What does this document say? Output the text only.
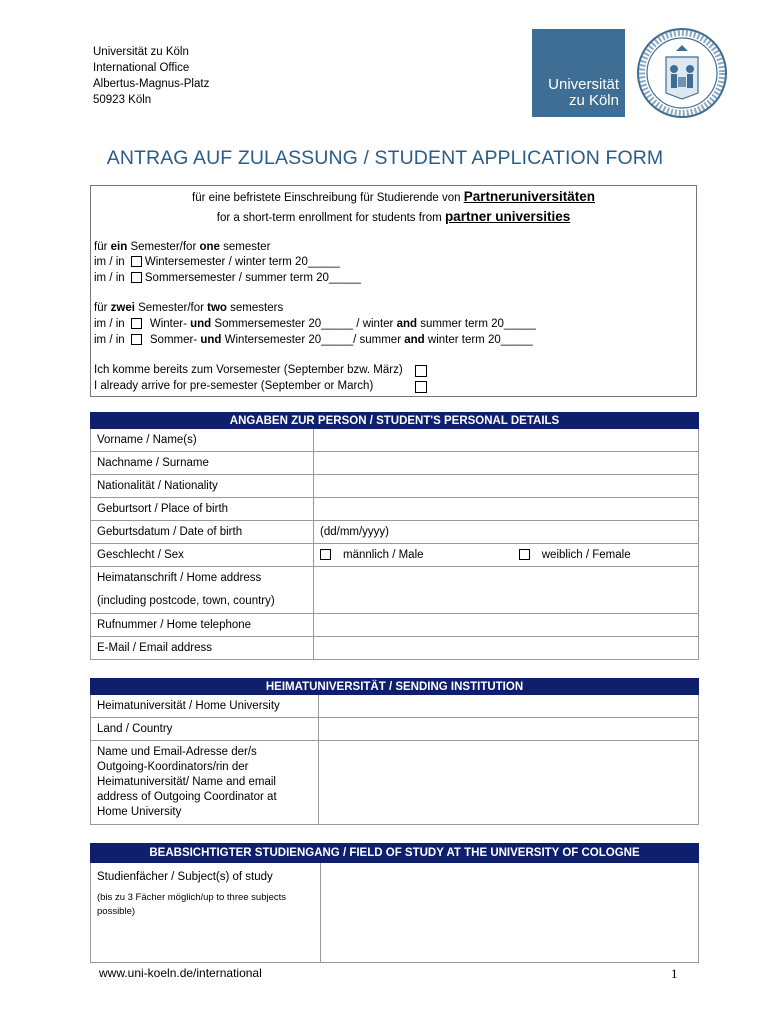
Universität zu Köln
International Office
Albertus-Magnus-Platz
50923 Köln
Universität
zu Köln
ANTRAG AUF ZULASSUNG / STUDENT APPLICATION FORM
für eine befristete Einschreibung für Studierende von Partneruniversitäten
for a short-term enrollment for students from partner universities
für ein Semester/for one semester
im / in Wintersemester / winter term 20_____
im / in Sommersemester / summer term 20_____
für zwei Semester/for two semesters
im / in Winter- und Sommersemester 20_____ / winter and summer term 20_____
im / in Sommer- und Wintersemester 20_____/ summer and winter term 20_____
Ich komme bereits zum Vorsemester (September bzw. März)
I already arrive for pre-semester (September or March)
ANGABEN ZUR PERSON / STUDENT'S PERSONAL DETAILS	
Vorname / Name(s)	
Nachname / Surname	
Nationalität / Nationality	
Geburtsort / Place of birth	
Geburtsdatum / Date of birth	(dd/mm/yyyy)
Geschlecht / Sex	männlich / Male weiblich / Female

Heimatanschrift / Home address
(including postcode, town, country)	

Rufnummer / Home telephone	
E-Mail / Email address	
HEIMATUNIVERSITÄT / SENDING INSTITUTION	
Heimatuniversität / Home University	
Land / Country	

Name und Email-Adresse der/s
Outgoing-Koordinators/rin der
Heimatuniversität/ Name and email
address of Outgoing Coordinator at
Home University	

BEABSICHTIGTER STUDIENGANG / FIELD OF STUDY AT THE UNIVERSITY OF COLOGNE

Studienfächer / Subject(s) of study
(bis zu 3 Fächer möglich/up to three subjects
possible)

www.uni-koeln.de/international	1
